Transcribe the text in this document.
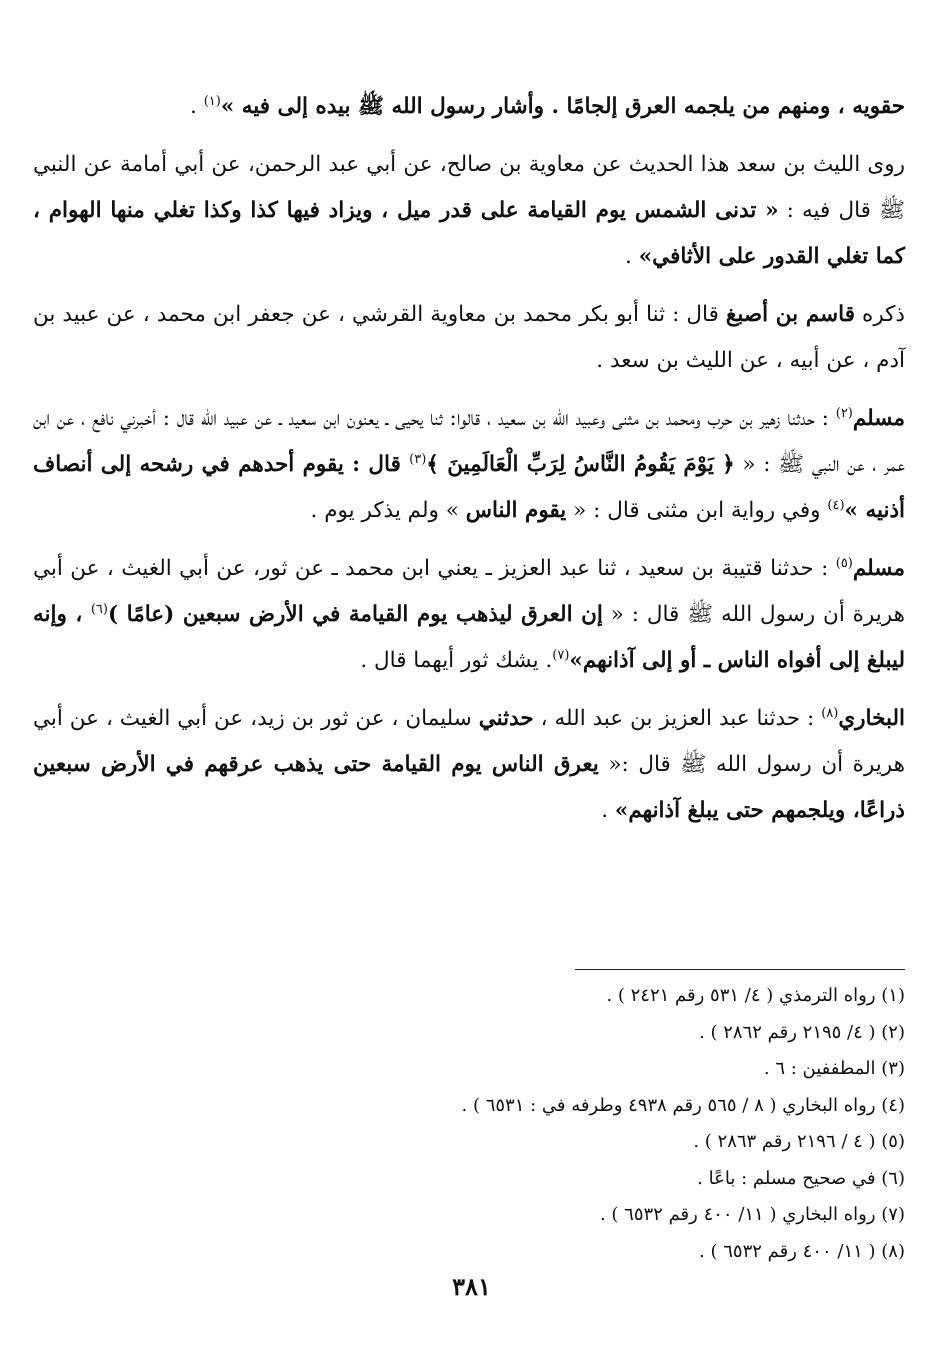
حقويه ، ومنهم من يلجمه العرق إلجامًا . وأشار رسول الله ﷺ بيده إلى فيه »$^{(١)}$ .

روى الليث بن سعد هذا الحديث عن معاوية بن صالح، عن أبي عبد الرحمن، عن أبي أمامة عن النبي ﷺ قال فيه : « تدنى الشمس يوم القيامة على قدر ميل ، ويزاد فيها كذا وكذا تغلي منها الهوام ، كما تغلي القدور على الأثافي» .

ذكره قاسم بن أصبغ قال : ثنا أبو بكر محمد بن معاوية القرشي ، عن جعفر ابن محمد ، عن عبيد بن آدم ، عن أبيه ، عن الليث بن سعد .

مسلم$^{(٢)}$ : حدثنا زهير بن حرب ومحمد بن مثنى وعبيد الله بن سعيد ، قالوا: ثنا يحيى ـ يعنون ابن سعيد ـ عن عبيد الله قال : أخبرني نافع ، عن ابن عمر ، عن النبي ﷺ : « ﴿ يَوْمَ يَقُومُ النَّاسُ لِرَبِّ الْعَالَمِينَ ﴾$^{(٣)}$ قال : يقوم أحدهم في رشحه إلى أنصاف أذنيه »$^{(٤)}$ وفي رواية ابن مثنى قال : « يقوم الناس » ولم يذكر يوم .

مسلم$^{(٥)}$ : حدثنا قتيبة بن سعيد ، ثنا عبد العزيز ـ يعني ابن محمد ـ عن ثور، عن أبي الغيث ، عن أبي هريرة أن رسول الله ﷺ قال : « إن العرق ليذهب يوم القيامة في الأرض سبعين (عامًا )$^{(٦)}$ ، وإنه ليبلغ إلى أفواه الناس ـ أو إلى آذانهم»$^{(٧)}$. يشك ثور أيهما قال .

البخاري$^{(٨)}$ : حدثنا عبد العزيز بن عبد الله ، حدثني سليمان ، عن ثور بن زيد، عن أبي الغيث ، عن أبي هريرة أن رسول الله ﷺ قال :« يعرق الناس يوم القيامة حتى يذهب عرقهم في الأرض سبعين ذراعًا، ويلجمهم حتى يبلغ آذانهم» .

(١) رواه الترمذي ( ٤/ ٥٣١ رقم ٢٤٢١ ) .
(٢) ( ٤/ ٢١٩٥ رقم ٢٨٦٢ ) .
(٣) المطففين : ٦ .
(٤) رواه البخاري ( ٨ / ٥٦٥ رقم ٤٩٣٨ وطرفه في : ٦٥٣١ ) .
(٥) ( ٤ / ٢١٩٦ رقم ٢٨٦٣ ) .
(٦) في صحيح مسلم : باعًا .
(٧) رواه البخاري ( ١١/ ٤٠٠ رقم ٦٥٣٢ ) .
(٨) ( ١١/ ٤٠٠ رقم ٦٥٣٢ ) .
٣٨١
